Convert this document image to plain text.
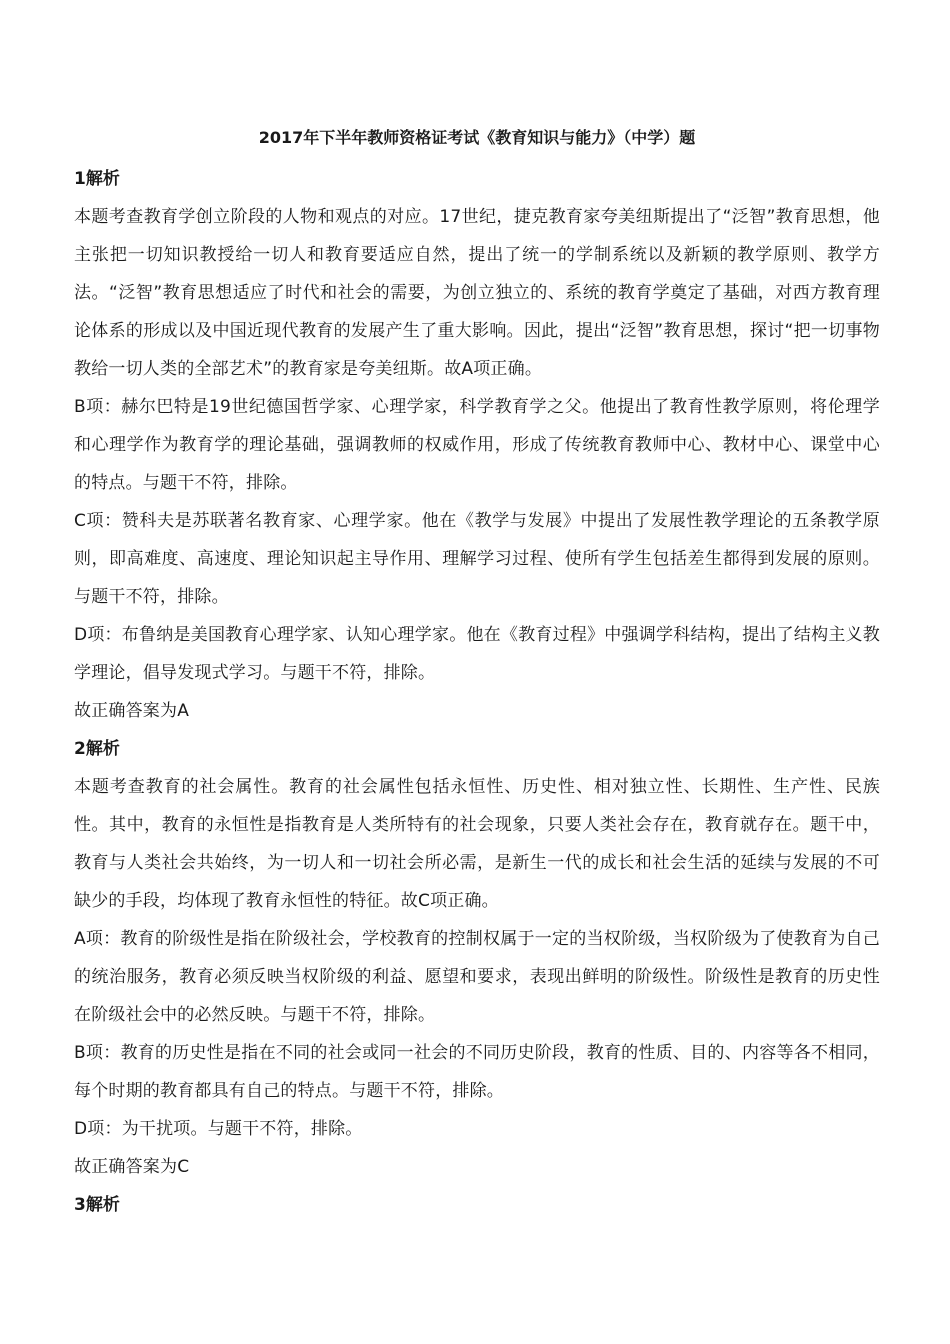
2017年下半年教师资格证考试《教育知识与能力》（中学）题
1解析

本题考查教育学创立阶段的人物和观点的对应。17世纪，捷克教育家夸美纽斯提出了“泛智”教育思想，他主张把一切知识教授给一切人和教育要适应自然，提出了统一的学制系统以及新颖的教学原则、教学方法。“泛智”教育思想适应了时代和社会的需要，为创立独立的、系统的教育学奠定了基础，对西方教育理论体系的形成以及中国近现代教育的发展产生了重大影响。因此，提出“泛智”教育思想，探讨“把一切事物教给一切人类的全部艺术”的教育家是夸美纽斯。故A项正确。

B项：赫尔巴特是19世纪德国哲学家、心理学家，科学教育学之父。他提出了教育性教学原则，将伦理学和心理学作为教育学的理论基础，强调教师的权威作用，形成了传统教育教师中心、教材中心、课堂中心的特点。与题干不符，排除。

C项：赞科夫是苏联著名教育家、心理学家。他在《教学与发展》中提出了发展性教学理论的五条教学原则，即高难度、高速度、理论知识起主导作用、理解学习过程、使所有学生包括差生都得到发展的原则。与题干不符，排除。

D项：布鲁纳是美国教育心理学家、认知心理学家。他在《教育过程》中强调学科结构，提出了结构主义教学理论，倡导发现式学习。与题干不符，排除。

故正确答案为A

2解析

本题考查教育的社会属性。教育的社会属性包括永恒性、历史性、相对独立性、长期性、生产性、民族性。其中，教育的永恒性是指教育是人类所特有的社会现象，只要人类社会存在，教育就存在。题干中，教育与人类社会共始终，为一切人和一切社会所必需，是新生一代的成长和社会生活的延续与发展的不可缺少的手段，均体现了教育永恒性的特征。故C项正确。

A项：教育的阶级性是指在阶级社会，学校教育的控制权属于一定的当权阶级，当权阶级为了使教育为自己的统治服务，教育必须反映当权阶级的利益、愿望和要求，表现出鲜明的阶级性。阶级性是教育的历史性在阶级社会中的必然反映。与题干不符，排除。

B项：教育的历史性是指在不同的社会或同一社会的不同历史阶段，教育的性质、目的、内容等各不相同，每个时期的教育都具有自己的特点。与题干不符，排除。

D项：为干扰项。与题干不符，排除。

故正确答案为C

3解析
